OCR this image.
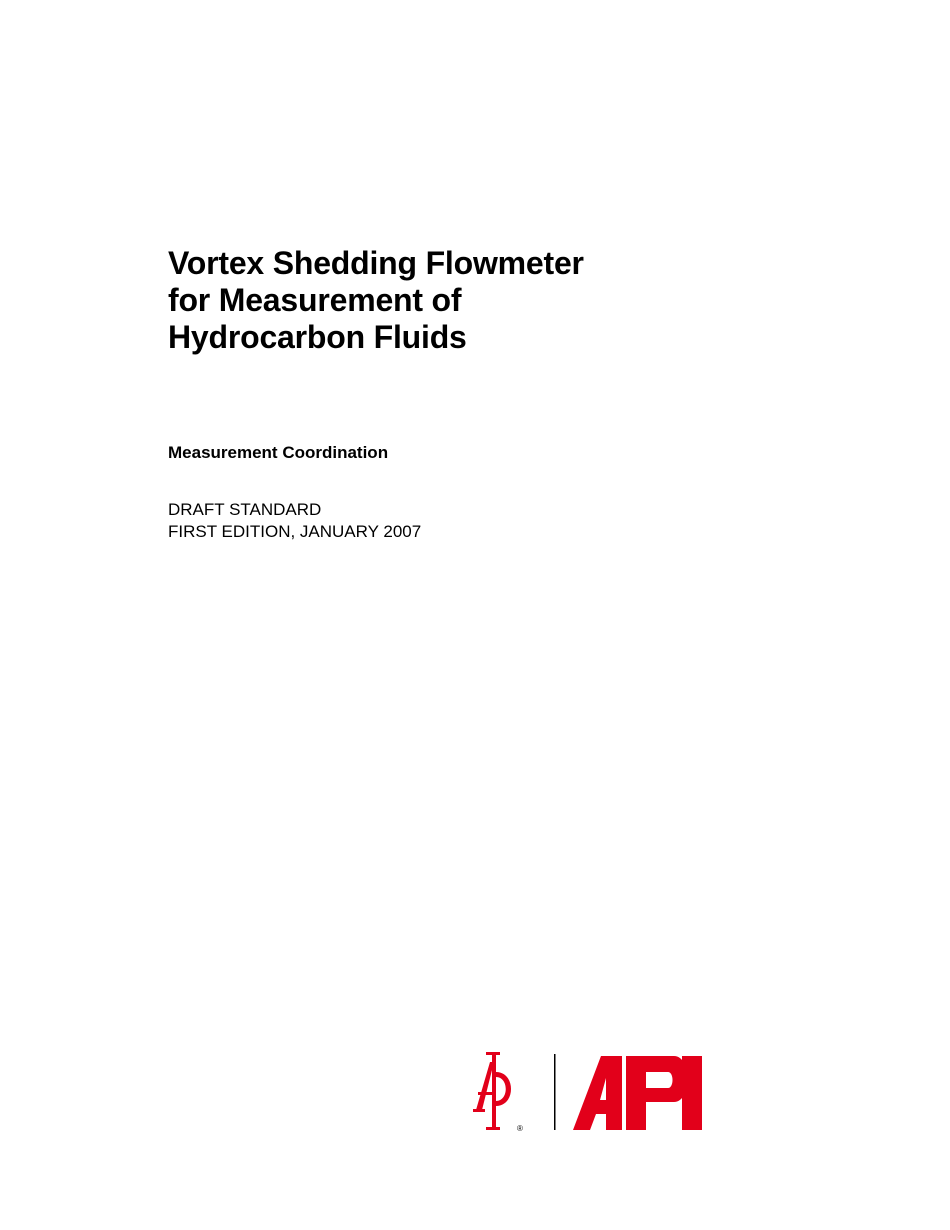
Vortex Shedding Flowmeter
for Measurement of
Hydrocarbon Fluids

Measurement Coordination

DRAFT STANDARD
FIRST EDITION, JANUARY 2007
®
